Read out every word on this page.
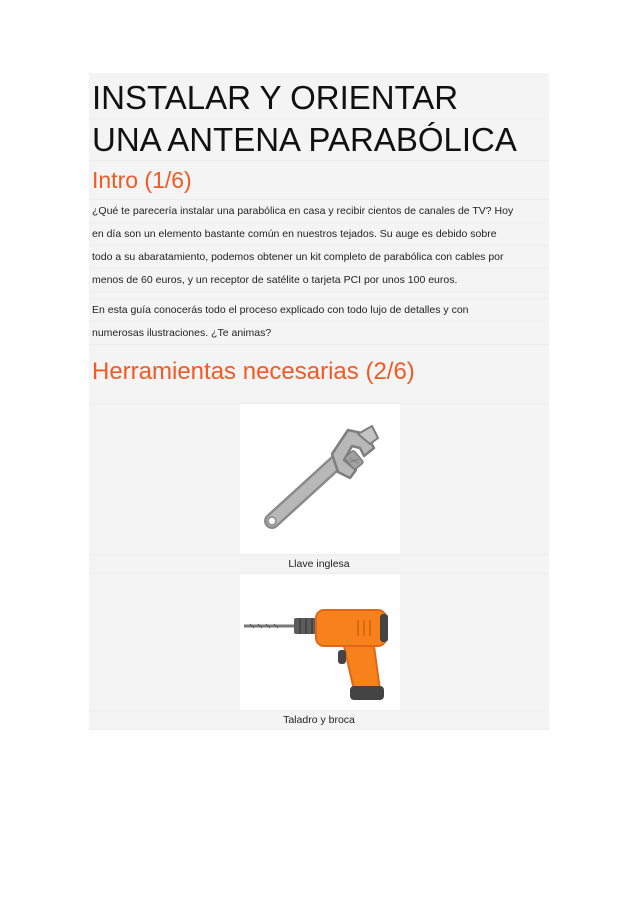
INSTALAR Y ORIENTAR
UNA ANTENA PARABÓLICA
Intro (1/6)
¿Qué te parecería instalar una parabólica en casa y recibir cientos de canales de TV? Hoy
en día son un elemento bastante común en nuestros tejados. Su auge es debido sobre
todo a su abaratamiento, podemos obtener un kit completo de parabólica con cables por
menos de 60 euros, y un receptor de satélite o tarjeta PCI por unos 100 euros.
En esta guía conocerás todo el proceso explicado con todo lujo de detalles y con
numerosas ilustraciones. ¿Te animas?
Herramientas necesarias (2/6)
Llave inglesa
Taladro y broca
